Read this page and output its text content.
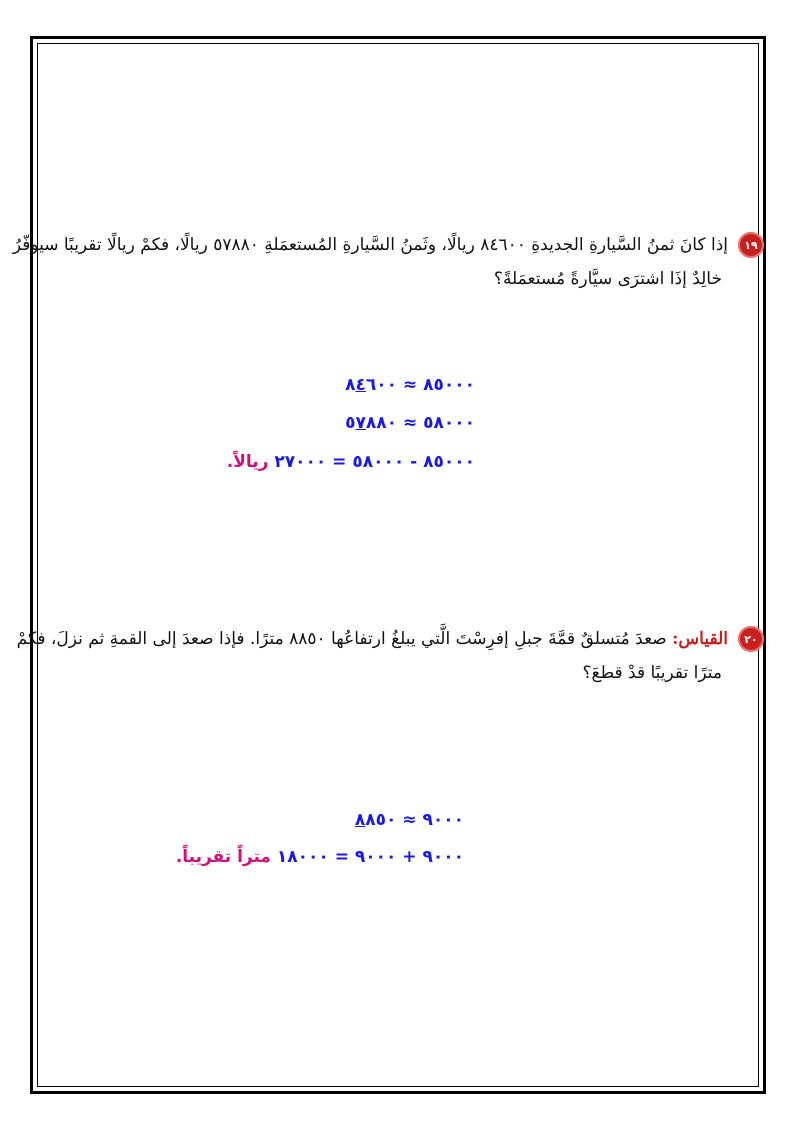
١٩
إذا كانَ ثمنُ السَّيارةِ الجديدةِ ٨٤٦٠٠ ريالًا، وثَمنُ السَّيارةِ المُستعمَلةِ ٥٧٨٨٠ ريالًا، فكمْ ريالًا تقريبًا سيوفّرُ
خالِدٌ إذَا اشترَى سيَّارةً مُستعمَلةً؟
٨٥٠٠٠ ≈ ٨٤٦٠٠
٥٨٠٠٠ ≈ ٥٧٨٨٠
٨٥٠٠٠ - ٥٨٠٠٠ = ٢٧٠٠٠ ريالاً.
٢٠
القياس: صعدَ مُتسلقٌ قمَّةَ جبلِ إفرِسْتَ الَّتي يبلغُ ارتفاعُها ٨٨٥٠ مترًا. فإذا صعدَ إلى القمةِ ثم نزلَ، فكمْ
مترًا تقريبًا قدْ قطعَ؟
٩٠٠٠ ≈ ٨٨٥٠
٩٠٠٠ + ٩٠٠٠ = ١٨٠٠٠ متراً تقريباً.
